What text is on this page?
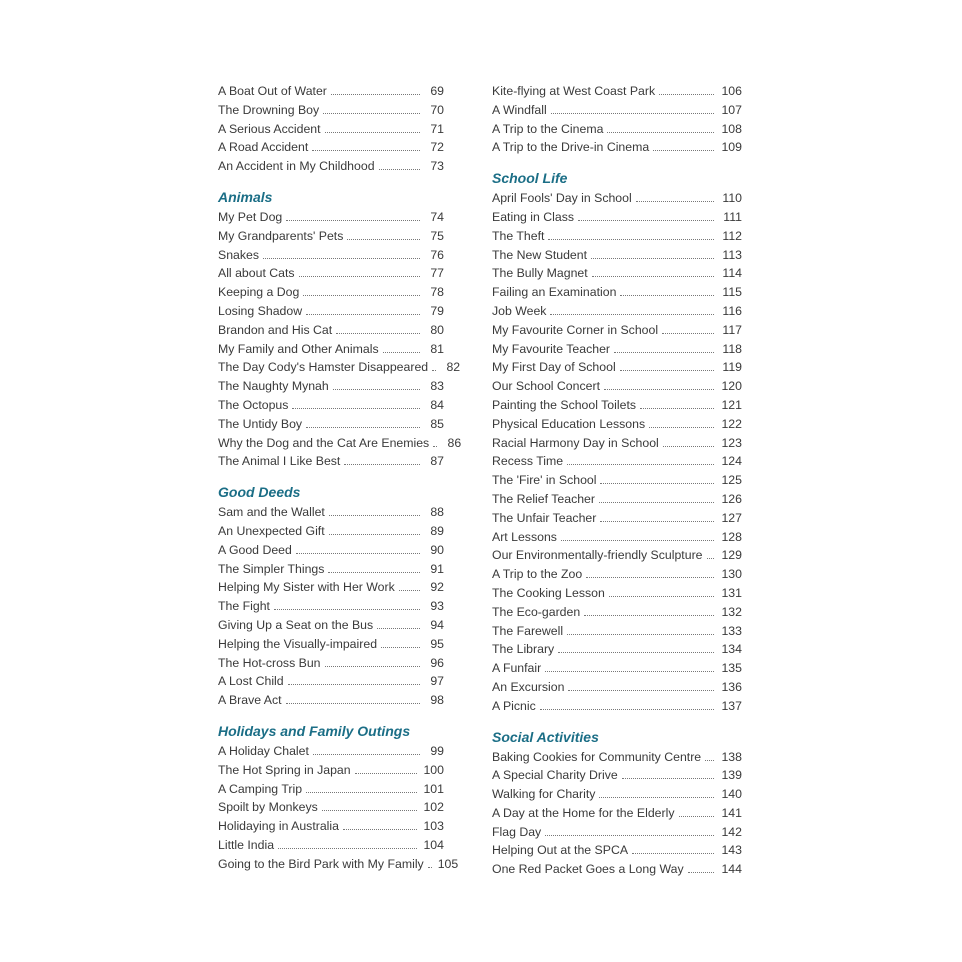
A Boat Out of Water	69
The Drowning Boy	70
A Serious Accident	71
A Road Accident	72
An Accident in My Childhood	73
Animals
My Pet Dog	74
My Grandparents' Pets	75
Snakes	76
All about Cats	77
Keeping a Dog	78
Losing Shadow	79
Brandon and His Cat	80
My Family and Other Animals	81
The Day Cody's Hamster Disappeared	82
The Naughty Mynah	83
The Octopus	84
The Untidy Boy	85
Why the Dog and the Cat Are Enemies	86
The Animal I Like Best	87
Good Deeds
Sam and the Wallet	88
An Unexpected Gift	89
A Good Deed	90
The Simpler Things	91
Helping My Sister with Her Work	92
The Fight	93
Giving Up a Seat on the Bus	94
Helping the Visually-impaired	95
The Hot-cross Bun	96
A Lost Child	97
A Brave Act	98
Holidays and Family Outings
A Holiday Chalet	99
The Hot Spring in Japan	100
A Camping Trip	101
Spoilt by Monkeys	102
Holidaying in Australia	103
Little India	104
Going to the Bird Park with My Family	105
Kite-flying at West Coast Park	106
A Windfall	107
A Trip to the Cinema	108
A Trip to the Drive-in Cinema	109
School Life
April Fools' Day in School	110
Eating in Class	111
The Theft	112
The New Student	113
The Bully Magnet	114
Failing an Examination	115
Job Week	116
My Favourite Corner in School	117
My Favourite Teacher	118
My First Day of School	119
Our School Concert	120
Painting the School Toilets	121
Physical Education Lessons	122
Racial Harmony Day in School	123
Recess Time	124
The 'Fire' in School	125
The Relief Teacher	126
The Unfair Teacher	127
Art Lessons	128
Our Environmentally-friendly Sculpture	129
A Trip to the Zoo	130
The Cooking Lesson	131
The Eco-garden	132
The Farewell	133
The Library	134
A Funfair	135
An Excursion	136
A Picnic	137
Social Activities
Baking Cookies for Community Centre	138
A Special Charity Drive	139
Walking for Charity	140
A Day at the Home for the Elderly	141
Flag Day	142
Helping Out at the SPCA	143
One Red Packet Goes a Long Way	144
